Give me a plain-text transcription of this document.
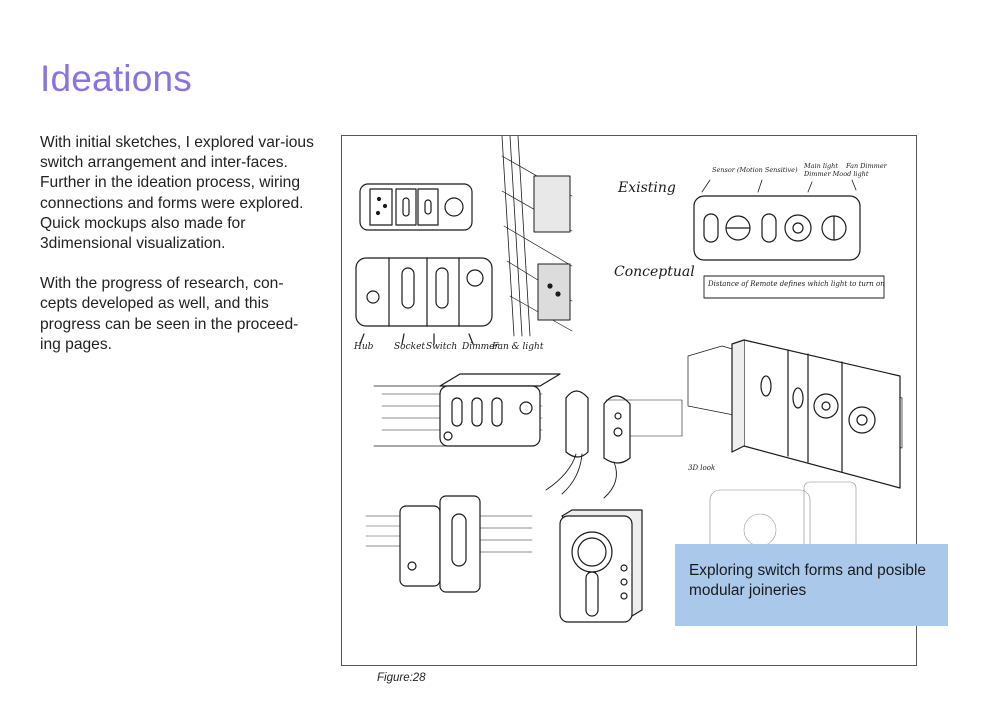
Ideations

With initial sketches, I explored var-ious switch arrangement and inter-faces. Further in the ideation process, wiring connections and forms were explored. Quick mockups also made for 3dimensional visualization.

With the progress of research, con-cepts developed as well, and this progress can be seen in the proceed-ing pages.	Hub Socket Switch Dimmer
Fan & light
Existing
Conceptual
Sensor (Motion Sensitive) Main light
Dimmer Mood light
Fan Dimmer
Distance of Remote defines which light to turn on
3D look
Exploring switch forms and posible modular joineries
Figure:28
